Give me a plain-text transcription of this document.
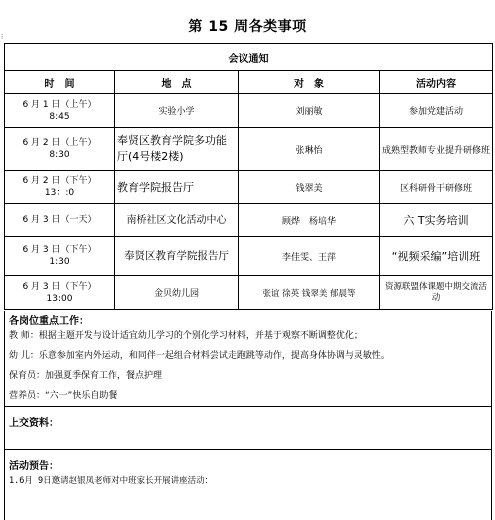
第 15 周各类事项
⁝
会议通知			
时　间	地　点	对　象	活动内容

6 月 1 日（上午）
8:45	实验小学	刘丽敏	参加党建活动

6 月 2 日（上午）
8:30	奉贤区教育学院多功能厅(4号楼2楼)	张琳怡	成熟型教师专业提升研修班

6 月 2 日（下午）
13：:0	教育学院报告厅	钱翠美	区科研骨干研修班

6 月 3 日（一天）	南桥社区文化活动中心	顾烨　杨培华	六 T实务培训

6 月 3 日（下午）
1:30	奉贤区教育学院报告厅	李佳雯、王萍	“视频采编”培训班

6 月 3 日（下午）
13:00	金贝幼儿园	张谊 徐英 钱翠美 郁晨等	资源联盟体课题中期交流活动
各岗位重点工作：
教 师：根据主题开发与设计适宜幼儿学习的个别化学习材料，并基于观察不断调整优化；
幼 儿：乐意参加室内外运动，和同伴一起组合材料尝试走跑跳等动作，提高身体协调与灵敏性。
保育员：加强夏季保育工作，餐点护理
营养员：“六一”快乐自助餐
上交资料：
活动预告：
1.6月 9日邀请赵银凤老师对中班家长开展讲座活动：
